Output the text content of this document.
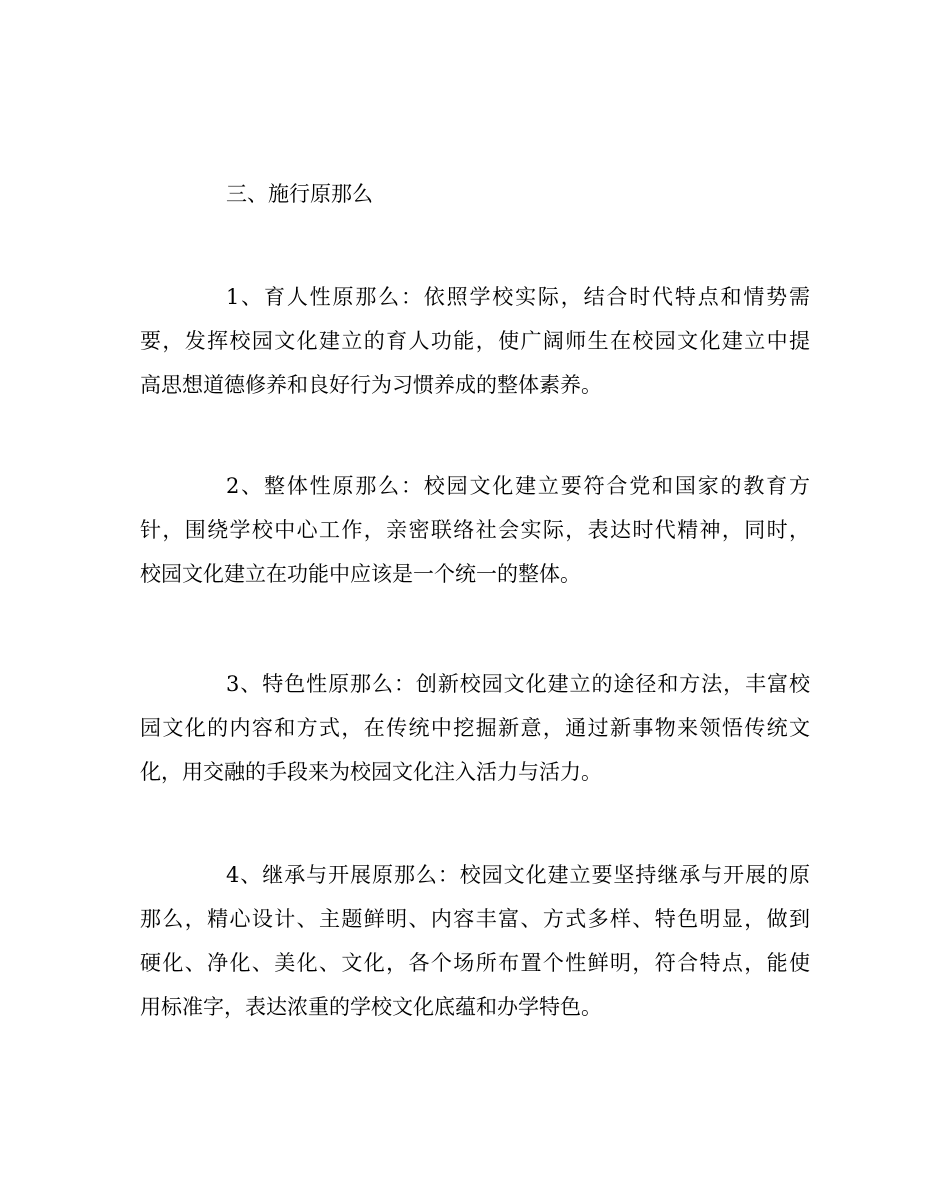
三、施行原那么
1、育人性原那么：依照学校实际，结合时代特点和情势需
要，发挥校园文化建立的育人功能，使广阔师生在校园文化建立中提
高思想道德修养和良好行为习惯养成的整体素养。
2、整体性原那么：校园文化建立要符合党和国家的教育方
针，围绕学校中心工作，亲密联络社会实际，表达时代精神，同时，
校园文化建立在功能中应该是一个统一的整体。
3、特色性原那么：创新校园文化建立的途径和方法，丰富校
园文化的内容和方式，在传统中挖掘新意，通过新事物来领悟传统文
化，用交融的手段来为校园文化注入活力与活力。
4、继承与开展原那么：校园文化建立要坚持继承与开展的原
那么，精心设计、主题鲜明、内容丰富、方式多样、特色明显，做到
硬化、净化、美化、文化，各个场所布置个性鲜明，符合特点，能使
用标准字，表达浓重的学校文化底蕴和办学特色。
